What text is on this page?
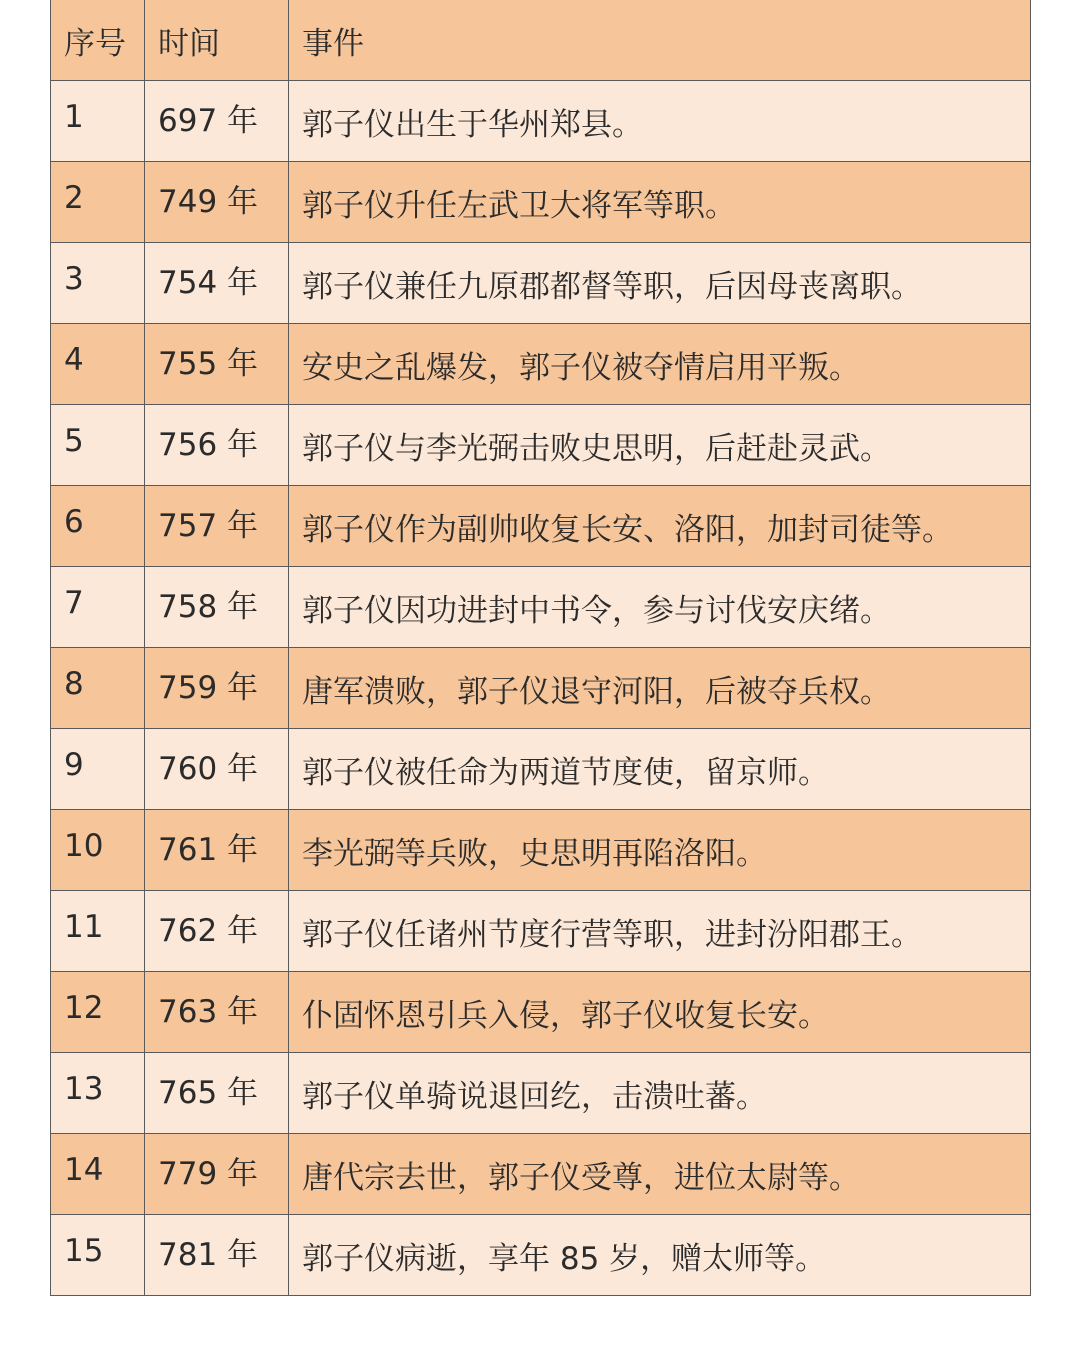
序号	时间	事件
1	697 年	郭子仪出生于华州郑县。
2	749 年	郭子仪升任左武卫大将军等职。
3	754 年	郭子仪兼任九原郡都督等职，后因母丧离职。
4	755 年	安史之乱爆发，郭子仪被夺情启用平叛。
5	756 年	郭子仪与李光弼击败史思明，后赶赴灵武。
6	757 年	郭子仪作为副帅收复长安、洛阳，加封司徒等。
7	758 年	郭子仪因功进封中书令，参与讨伐安庆绪。
8	759 年	唐军溃败，郭子仪退守河阳，后被夺兵权。
9	760 年	郭子仪被任命为两道节度使，留京师。
10	761 年	李光弼等兵败，史思明再陷洛阳。
11	762 年	郭子仪任诸州节度行营等职，进封汾阳郡王。
12	763 年	仆固怀恩引兵入侵，郭子仪收复长安。
13	765 年	郭子仪单骑说退回纥，击溃吐蕃。
14	779 年	唐代宗去世，郭子仪受尊，进位太尉等。
15	781 年	郭子仪病逝，享年 85 岁，赠太师等。
